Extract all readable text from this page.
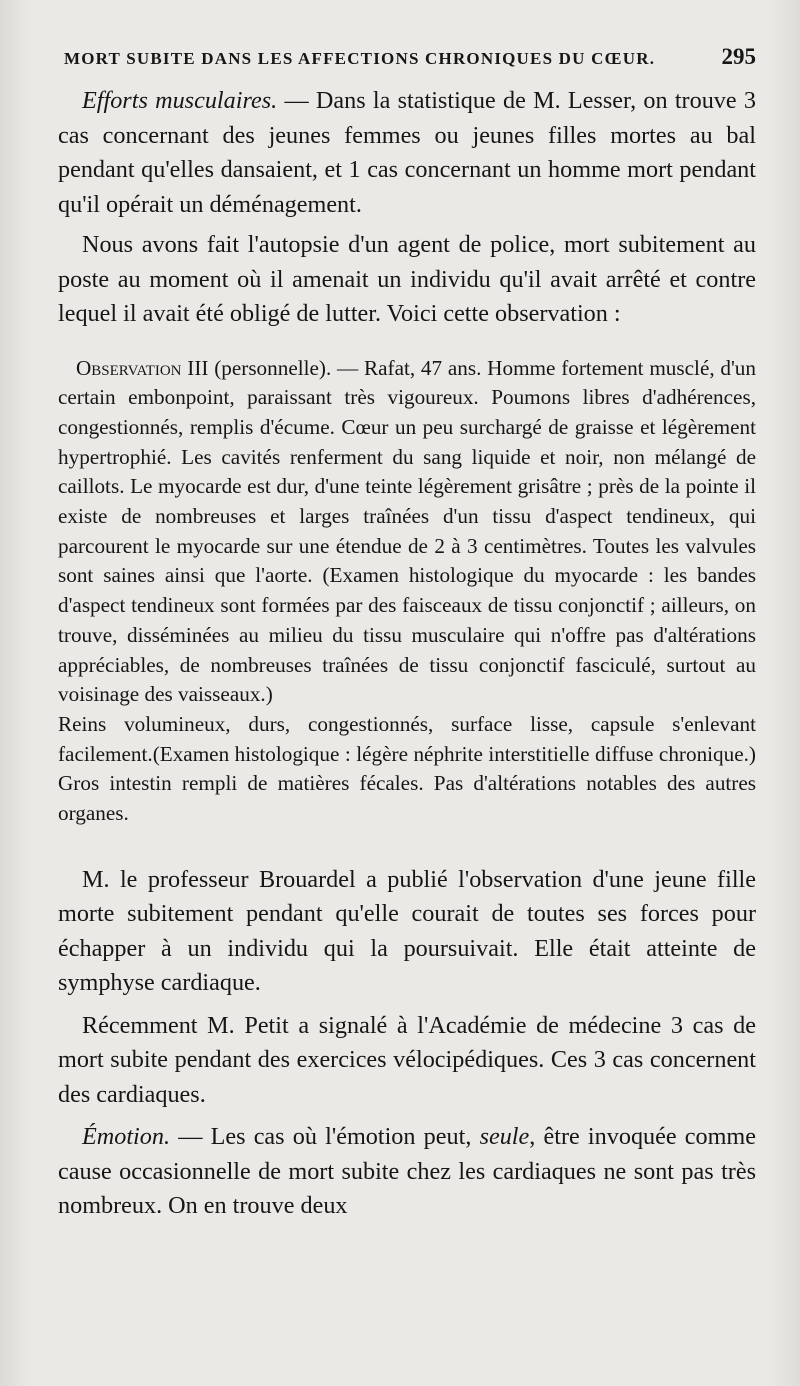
MORT SUBITE DANS LES AFFECTIONS CHRONIQUES DU CŒUR.	295

Efforts musculaires. — Dans la statistique de M. Lesser, on trouve 3 cas concernant des jeunes femmes ou jeunes filles mortes au bal pendant qu'elles dansaient, et 1 cas concernant un homme mort pendant qu'il opérait un déménagement.

Nous avons fait l'autopsie d'un agent de police, mort subitement au poste au moment où il amenait un individu qu'il avait arrêté et contre lequel il avait été obligé de lutter. Voici cette observation :

Observation III (personnelle). — Rafat, 47 ans. Homme fortement musclé, d'un certain embonpoint, paraissant très vigoureux. Poumons libres d'adhérences, congestionnés, remplis d'écume. Cœur un peu surchargé de graisse et légèrement hypertrophié. Les cavités renferment du sang liquide et noir, non mélangé de caillots. Le myocarde est dur, d'une teinte légèrement grisâtre ; près de la pointe il existe de nombreuses et larges traînées d'un tissu d'aspect tendineux, qui parcourent le myocarde sur une étendue de 2 à 3 centimètres. Toutes les valvules sont saines ainsi que l'aorte. (Examen histologique du myocarde : les bandes d'aspect tendineux sont formées par des faisceaux de tissu conjonctif ; ailleurs, on trouve, disséminées au milieu du tissu musculaire qui n'offre pas d'altérations appréciables, de nombreuses traînées de tissu conjonctif fasciculé, surtout au voisinage des vaisseaux.)

Reins volumineux, durs, congestionnés, surface lisse, capsule s'enlevant facilement.(Examen histologique : légère néphrite interstitielle diffuse chronique.) Gros intestin rempli de matières fécales. Pas d'altérations notables des autres organes.

M. le professeur Brouardel a publié l'observation d'une jeune fille morte subitement pendant qu'elle courait de toutes ses forces pour échapper à un individu qui la poursuivait. Elle était atteinte de symphyse cardiaque.

Récemment M. Petit a signalé à l'Académie de médecine 3 cas de mort subite pendant des exercices vélocipédiques. Ces 3 cas concernent des cardiaques.

Émotion. — Les cas où l'émotion peut, seule, être invoquée comme cause occasionnelle de mort subite chez les cardiaques ne sont pas très nombreux. On en trouve deux
